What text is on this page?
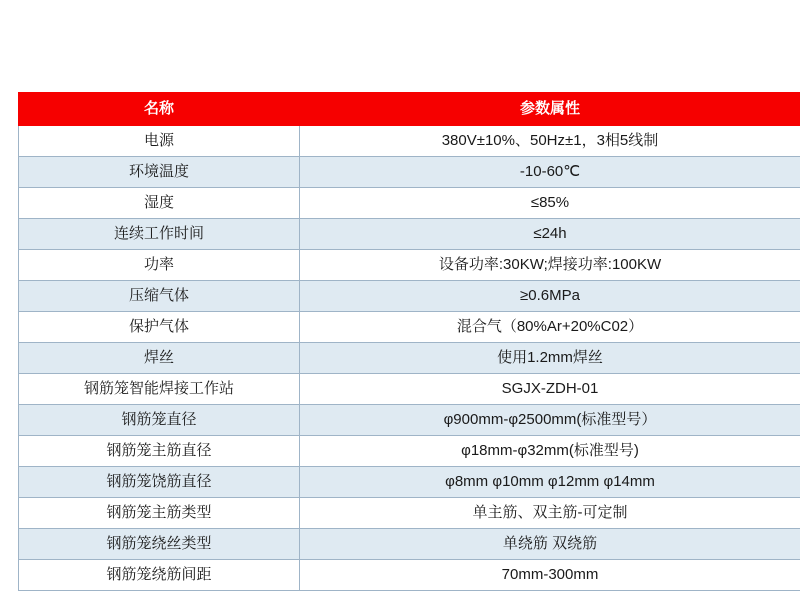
名称	参数属性
电源	380V±10%、50Hz±1，3相5线制
环境温度	-10-60℃
湿度	≤85%
连续工作时间	≤24h
功率	设备功率:30KW;焊接功率:100KW
压缩气体	≥0.6MPa
保护气体	混合气（80%Ar+20%C02）
焊丝	使用1.2mm焊丝
钢筋笼智能焊接工作站	SGJX-ZDH-01
钢筋笼直径	φ900mm-φ2500mm(标准型号）
钢筋笼主筋直径	φ18mm-φ32mm(标准型号)
钢筋笼饶筋直径	φ8mm φ10mm φ12mm φ14mm
钢筋笼主筋类型	单主筋、双主筋-可定制
钢筋笼绕丝类型	单绕筋 双绕筋
钢筋笼绕筋间距	70mm-300mm
